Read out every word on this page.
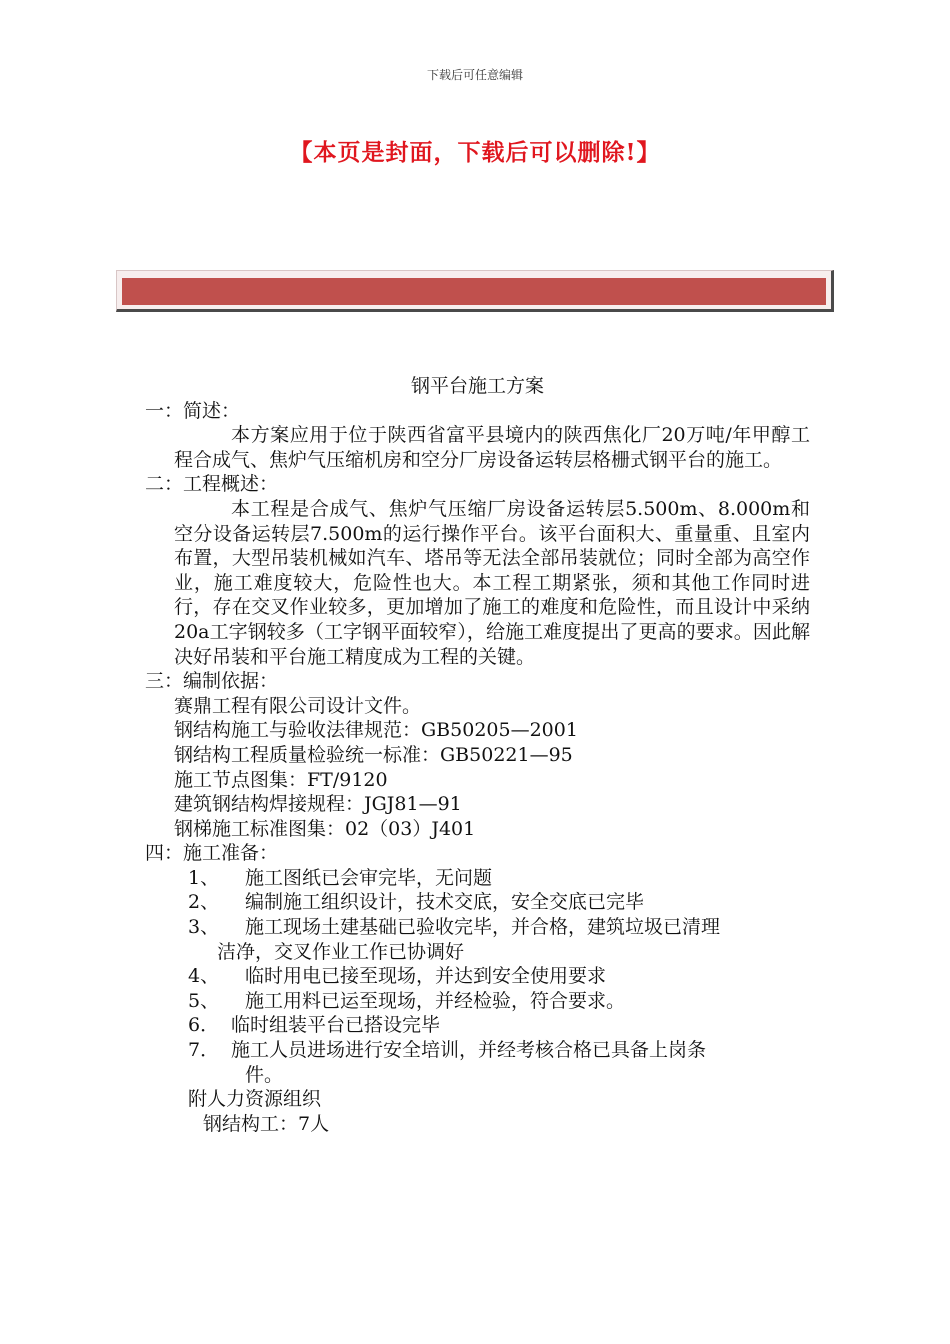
下载后可任意编辑
【本页是封面，下载后可以删除!】

钢平台施工方案

一：简述：

本方案应用于位于陕西省富平县境内的陕西焦化厂20万吨/年甲醇工程合成气、焦炉气压缩机房和空分厂房设备运转层格栅式钢平台的施工。

二：工程概述：

本工程是合成气、焦炉气压缩厂房设备运转层5.500m、8.000m和空分设备运转层7.500m的运行操作平台。该平台面积大、重量重、且室内布置，大型吊装机械如汽车、塔吊等无法全部吊装就位；同时全部为高空作业，施工难度较大，危险性也大。本工程工期紧张，须和其他工作同时进行，存在交叉作业较多，更加增加了施工的难度和危险性，而且设计中采纳20a工字钢较多（工字钢平面较窄），给施工难度提出了更高的要求。因此解决好吊装和平台施工精度成为工程的关键。

三：编制依据：

赛鼎工程有限公司设计文件。

钢结构施工与验收法律规范：GB50205—2001

钢结构工程质量检验统一标准：GB50221—95

施工节点图集：FT/9120

建筑钢结构焊接规程：JGJ81—91

钢梯施工标准图集：02（03）J401

四：施工准备：

1、	施工图纸已会审完毕，无问题
2、	编制施工组织设计，技术交底，安全交底已完毕
3、	施工现场土建基础已验收完毕，并合格，建筑垃圾已清理

洁净，交叉作业工作已协调好

4、	临时用电已接至现场，并达到安全使用要求
5、	施工用料已运至现场，并经检验，符合要求。
6． 临时组装平台已搭设完毕
7． 施工人员进场进行安全培训，并经考核合格已具备上岗条

件。

附人力资源组织

钢结构工：7人
